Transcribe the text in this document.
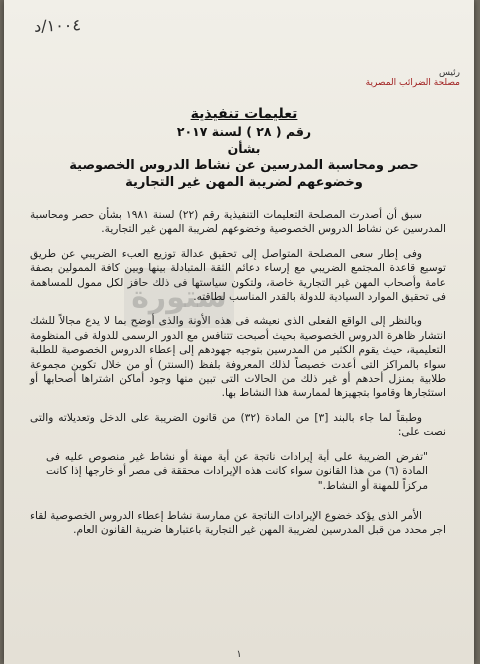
١٠٠٤/د
رئيس
مصلحة الضرائب المصرية
تعليمات تنفيذية
رقم ( ٢٨ ) لسنة ٢٠١٧
بشأن
حصر ومحاسبة المدرسين عن نشاط الدروس الخصوصية
وخضوعهم لضريبة المهن غير التجارية
ستورة

سبق أن أصدرت المصلحة التعليمات التنفيذية رقم (٢٢) لسنة ١٩٨١ بشأن حصر ومحاسبة المدرسين عن نشاط الدروس الخصوصية وخضوعهم لضريبة المهن غير التجارية.

وفى إطار سعى المصلحة المتواصل إلى تحقيق عدالة توزيع العبء الضريبي عن طريق توسيع قاعدة المجتمع الضريبي مع إرساء دعائم الثقة المتبادلة بينها وبين كافة الممولين بصفة عامة وأصحاب المهن غير التجارية خاصة، ولتكون سياستها فى ذلك حافز لكل ممول للمساهمة فى تحقيق الموارد السيادية للدولة بالقدر المناسب لطاقته.

وبالنظر إلى الواقع الفعلى الذى نعيشه فى هذه الأونة والذى أوضح بما لا يدع مجالاً للشك انتشار ظاهرة الدروس الخصوصية بحيث أصبحت تتنافس مع الدور الرسمى للدولة فى المنظومة التعليمية، حيث يقوم الكثير من المدرسين بتوجيه جهودهم إلى إعطاء الدروس الخصوصية للطلبة سواء بالمراكز التى أعدت خصيصاً لذلك المعروفة بلفظ (السنتر) أو من خلال تكوين مجموعة طلابية بمنزل أحدهم أو غير ذلك من الحالات التى تبين منها وجود أماكن اشتراها أصحابها أو استئجارها وقاموا بتجهيزها لممارسة هذا النشاط بها.

وطبقاً لما جاء بالبند [٣] من المادة (٣٢) من قانون الضريبة على الدخل وتعديلاته والتى نصت على:

"تفرض الضريبة على أية إيرادات ناتجة عن أية مهنة أو نشاط غير منصوص عليه فى المادة (٦) من هذا القانون سواء كانت هذه الإيرادات محققة فى مصر أو خارجها إذا كانت مركزاً للمهنة أو النشاط."

الأمر الذى يؤكد خضوع الإيرادات الناتجة عن ممارسة نشاط إعطاء الدروس الخصوصية لقاء اجر محدد من قبل المدرسين لضريبة المهن غير التجارية باعتبارها ضريبة القانون العام.

١
